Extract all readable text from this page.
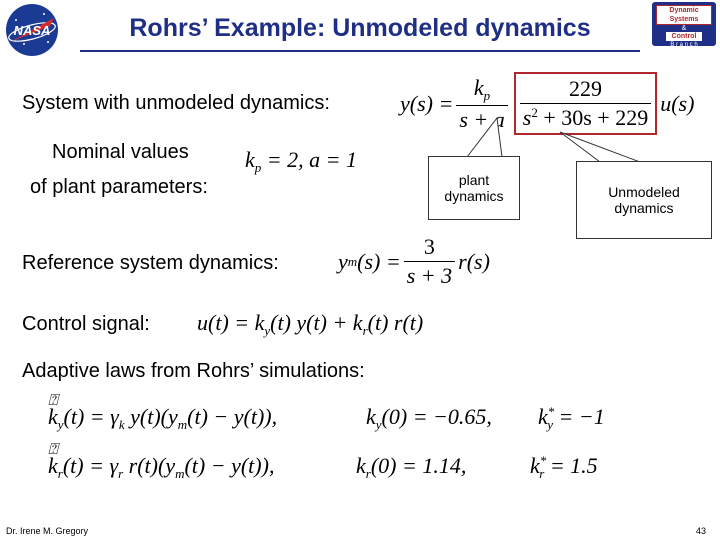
NASA	Rohrs’ Example: Unmodeled dynamics
Dynamic Systems
&
Control
B r a n c h
System with unmodeled dynamics:	$y(s) = \frac{k_p}{s + a} \frac{229}{s^2 + 30s + 229} u(s)$
Nominal values
of plant parameters:
$k_p = 2$, a = 1
plant
dynamics	Unmodeled
dynamics
Reference system dynamics:	y m $(s) = \frac{3}{s + 3} r(s)$
Control signal: $u(t) = k_y(t) y(t) + k_r(t)$ r(t)
Adaptive laws from Rohrs’ simulations:
⍰
$k_y(t) = \gamma_k$ $y(t)(y_m(t) - y(t))$,	$k_y(0) = -0.65$, $k^*_y = -1$
⍰
$k_r(t) = \gamma_r$ $r(t)(y_m(t) - y(t))$,	$k_r(0) = 1.14$,	$k^*_r = 1.5$
Dr. Irene M. Gregory	43
